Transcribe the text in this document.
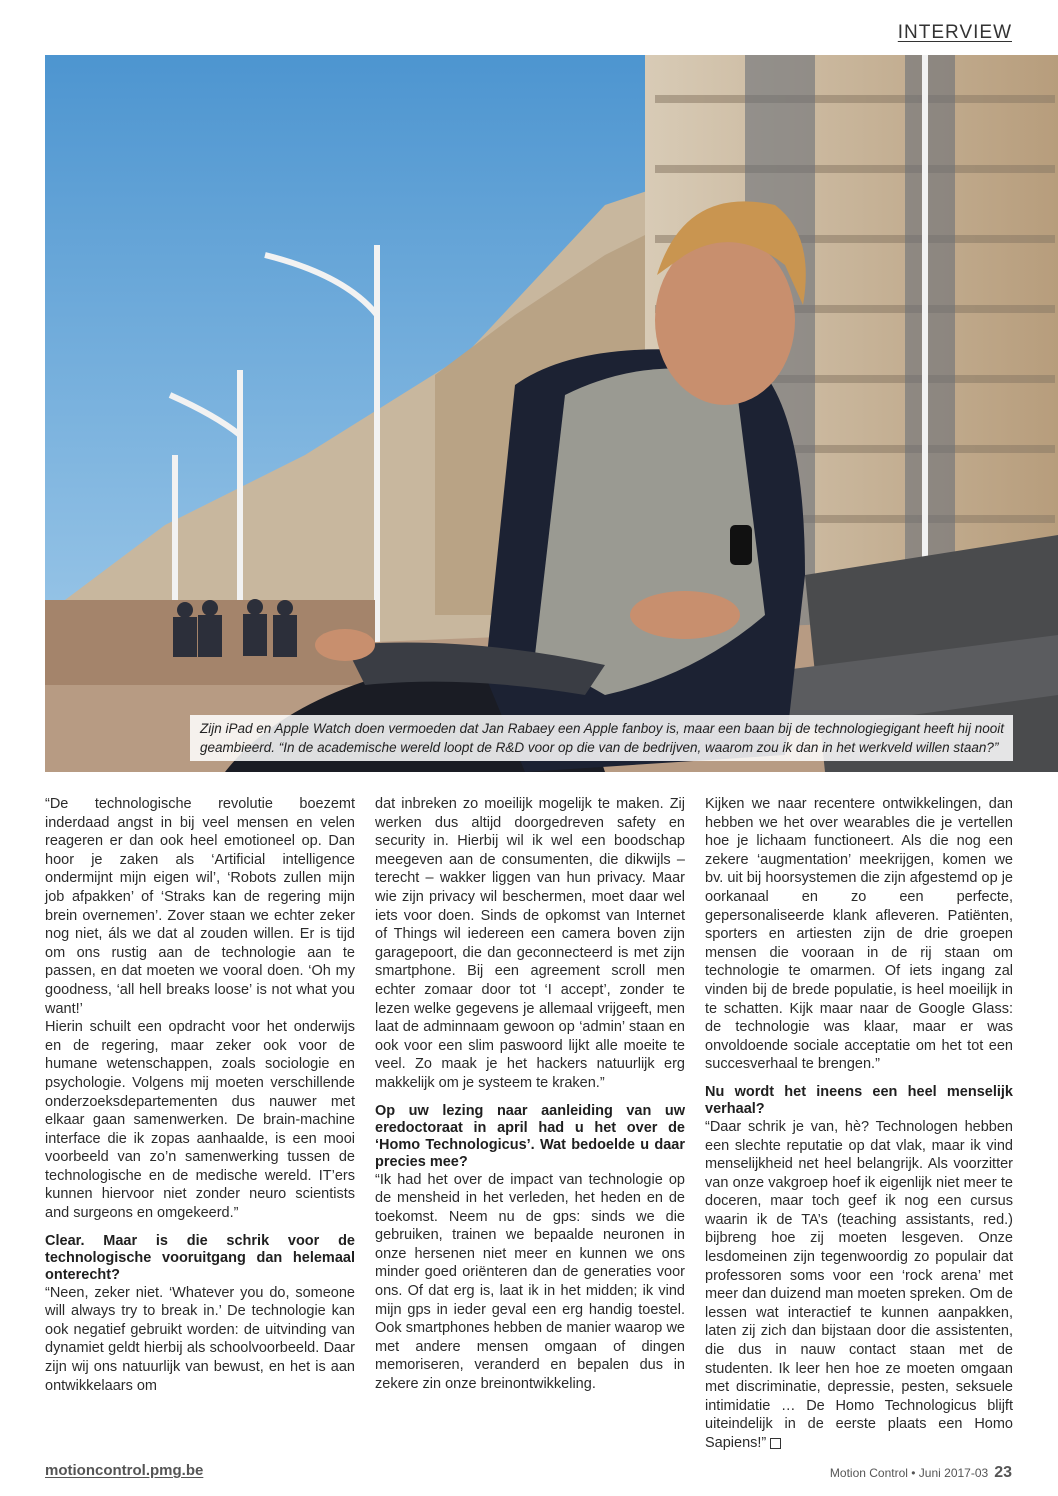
INTERVIEW
Zijn iPad en Apple Watch doen vermoeden dat Jan Rabaey een Apple fanboy is, maar een baan bij de technologiegigant heeft hij nooit geambieerd. “In de academische wereld loopt de R&D voor op die van de bedrijven, waarom zou ik dan in het werkveld willen staan?”

“De technologische revolutie boezemt inderdaad angst in bij veel mensen en velen reageren er dan ook heel emotioneel op. Dan hoor je zaken als ‘Artificial intelligence ondermijnt mijn eigen wil’, ‘Robots zullen mijn job afpakken’ of ‘Straks kan de regering mijn brein overnemen’. Zover staan we echter zeker nog niet, áls we dat al zouden willen. Er is tijd om ons rustig aan de technologie aan te passen, en dat moeten we vooral doen. ‘Oh my goodness, ‘all hell breaks loose’ is not what you want!’

Hierin schuilt een opdracht voor het onderwijs en de regering, maar zeker ook voor de humane wetenschappen, zoals sociologie en psychologie. Volgens mij moeten verschillende onderzoeksdepartementen dus nauwer met elkaar gaan samenwerken. De brain-machine interface die ik zopas aanhaalde, is een mooi voorbeeld van zo’n samenwerking tussen de technologische en de medische wereld. IT’ers kunnen hiervoor niet zonder neuro scientists and surgeons en omgekeerd.”

Clear. Maar is die schrik voor de technologische vooruitgang dan helemaal onterecht?

“Neen, zeker niet. ‘Whatever you do, someone will always try to break in.’ De technologie kan ook negatief gebruikt worden: de uitvinding van dynamiet geldt hierbij als schoolvoorbeeld. Daar zijn wij ons natuurlijk van bewust, en het is aan ontwikkelaars om

dat inbreken zo moeilijk mogelijk te maken. Zij werken dus altijd doorgedreven safety en security in. Hierbij wil ik wel een boodschap meegeven aan de consumenten, die dikwijls – terecht – wakker liggen van hun privacy. Maar wie zijn privacy wil beschermen, moet daar wel iets voor doen. Sinds de opkomst van Internet of Things wil iedereen een camera boven zijn garagepoort, die dan geconnecteerd is met zijn smartphone. Bij een agreement scroll men echter zomaar door tot ‘I accept’, zonder te lezen welke gegevens je allemaal vrijgeeft, men laat de adminnaam gewoon op ‘admin’ staan en ook voor een slim paswoord lijkt alle moeite te veel. Zo maak je het hackers natuurlijk erg makkelijk om je systeem te kraken.”

Op uw lezing naar aanleiding van uw eredoctoraat in april had u het over de ‘Homo Technologicus’. Wat bedoelde u daar precies mee?

“Ik had het over de impact van technologie op de mensheid in het verleden, het heden en de toekomst. Neem nu de gps: sinds we die gebruiken, trainen we bepaalde neuronen in onze hersenen niet meer en kunnen we ons minder goed oriënteren dan de generaties voor ons. Of dat erg is, laat ik in het midden; ik vind mijn gps in ieder geval een erg handig toestel. Ook smartphones hebben de manier waarop we met andere mensen omgaan of dingen memoriseren, veranderd en bepalen dus in zekere zin onze breinontwikkeling.

Kijken we naar recentere ontwikkelingen, dan hebben we het over wearables die je vertellen hoe je lichaam functioneert. Als die nog een zekere ‘augmentation’ meekrijgen, komen we bv. uit bij hoorsystemen die zijn afgestemd op je oorkanaal en zo een perfecte, gepersonaliseerde klank afleveren. Patiënten, sporters en artiesten zijn de drie groepen mensen die vooraan in de rij staan om technologie te omarmen. Of iets ingang zal vinden bij de brede populatie, is heel moeilijk in te schatten. Kijk maar naar de Google Glass: de technologie was klaar, maar er was onvoldoende sociale acceptatie om het tot een succesverhaal te brengen.”

Nu wordt het ineens een heel menselijk verhaal?

“Daar schrik je van, hè? Technologen hebben een slechte reputatie op dat vlak, maar ik vind menselijkheid net heel belangrijk. Als voorzitter van onze vakgroep hoef ik eigenlijk niet meer te doceren, maar toch geef ik nog een cursus waarin ik de TA’s (teaching assistants, red.) bijbreng hoe zij moeten lesgeven. Onze lesdomeinen zijn tegenwoordig zo populair dat professoren soms voor een ‘rock arena’ met meer dan duizend man moeten spreken. Om de lessen wat interactief te kunnen aanpakken, laten zij zich dan bijstaan door die assistenten, die dus in nauw contact staan met de studenten. Ik leer hen hoe ze moeten omgaan met discriminatie, depressie, pesten, seksuele intimidatie … De Homo Technologicus blijft uiteindelijk in de eerste plaats een Homo Sapiens!”

motioncontrol.pmg.be	Motion Control • Juni 2017-03 23
